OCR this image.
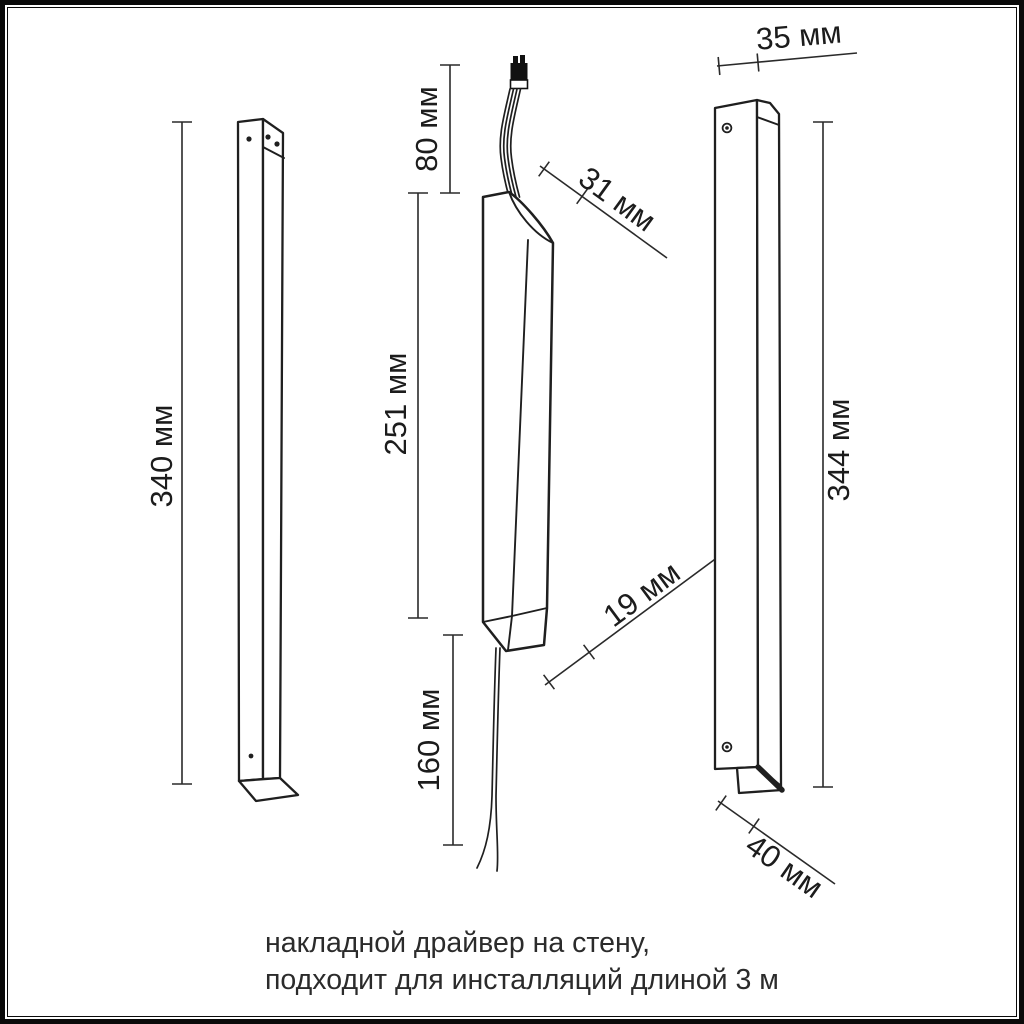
340 мм
80 мм
251 мм
160 мм
31 мм
19 мм
35 мм
344 мм
40 мм
накладной драйвер на стену,
подходит для инсталляций длиной 3 м
